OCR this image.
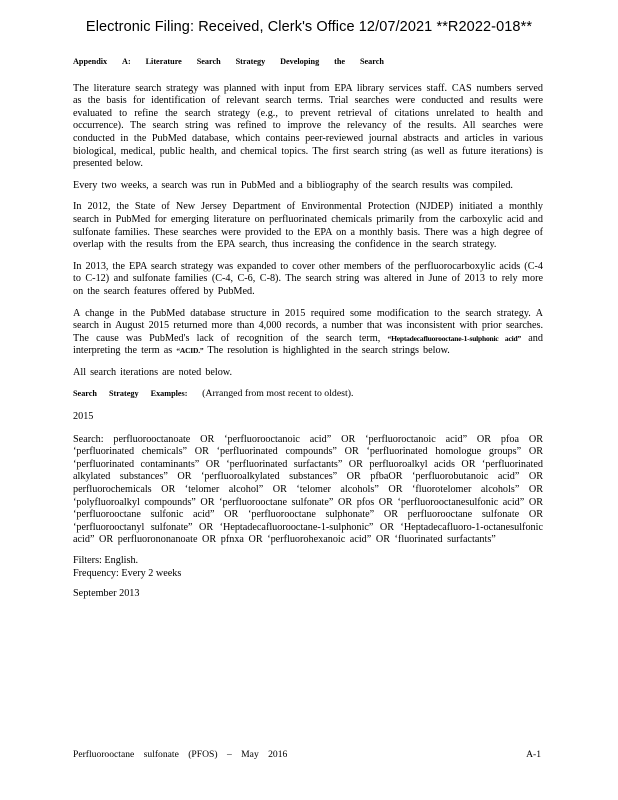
Electronic Filing: Received, Clerk's Office 12/07/2021 **R2022-018**
Appendix A: Literature Search Strategy Developing the Search

The literature search strategy was planned with input from EPA library services staff. CAS numbers served as the basis for identification of relevant search terms. Trial searches were conducted and results were evaluated to refine the search strategy (e.g., to prevent retrieval of citations unrelated to health and occurrence). The search string was refined to improve the relevancy of the results. All searches were conducted in the PubMed database, which contains peer-reviewed journal abstracts and articles in various biological, medical, public health, and chemical topics. The first search string (as well as future iterations) is presented below.

Every two weeks, a search was run in PubMed and a bibliography of the search results was compiled.

In 2012, the State of New Jersey Department of Environmental Protection (NJDEP) initiated a monthly search in PubMed for emerging literature on perfluorinated chemicals primarily from the carboxylic acid and sulfonate families. These searches were provided to the EPA on a monthly basis. There was a high degree of overlap with the results from the EPA search, thus increasing the confidence in the search strategy.

In 2013, the EPA search strategy was expanded to cover other members of the perfluorocarboxylic acids (C-4 to C-12) and sulfonate families (C-4, C-6, C-8). The search string was altered in June of 2013 to rely more on the search features offered by PubMed.

A change in the PubMed database structure in 2015 required some modification to the search strategy. A search in August 2015 returned more than 4,000 records, a number that was inconsistent with prior searches. The cause was PubMed's lack of recognition of the search term, “Heptadecafluorooctane-1-sulphonic acid” and interpreting the term as “ACID.” The resolution is highlighted in the search strings below.

All search iterations are noted below.

Search Strategy Examples: (Arranged from most recent to oldest).
2015

Search: perfluorooctanoate OR ‘perfluorooctanoic acid” OR ‘perfluoroctanoic acid” OR pfoa OR ‘perfluorinated chemicals” OR ‘perfluorinated compounds” OR ‘perfluorinated homologue groups” OR ‘perfluorinated contaminants” OR ‘perfluorinated surfactants” OR perfluoroalkyl acids OR ‘perfluorinated alkylated substances” OR ‘perfluoroalkylated substances” OR pfbaOR ‘perfluorobutanoic acid” OR perfluorochemicals OR ‘telomer alcohol” OR ‘telomer alcohols” OR ‘fluorotelomer alcohols” OR ‘polyfluoroalkyl compounds” OR ‘perfluorooctane sulfonate” OR pfos OR ‘perfluorooctanesulfonic acid” OR ‘perfluorooctane sulfonic acid” OR ‘perfluorooctane sulphonate” OR perfluorooctane sulfonate OR ‘perfluorooctanyl sulfonate” OR ‘Heptadecafluorooctane-1-sulphonic” OR ‘Heptadecafluoro-1-octanesulfonic acid” OR perfluorononanoate OR pfnxa OR ‘perfluorohexanoic acid” OR ‘fluorinated surfactants”

Filters: English.
Frequency: Every 2 weeks
September 2013
Perfluorooctane sulfonate (PFOS) – May 2016	A-1
